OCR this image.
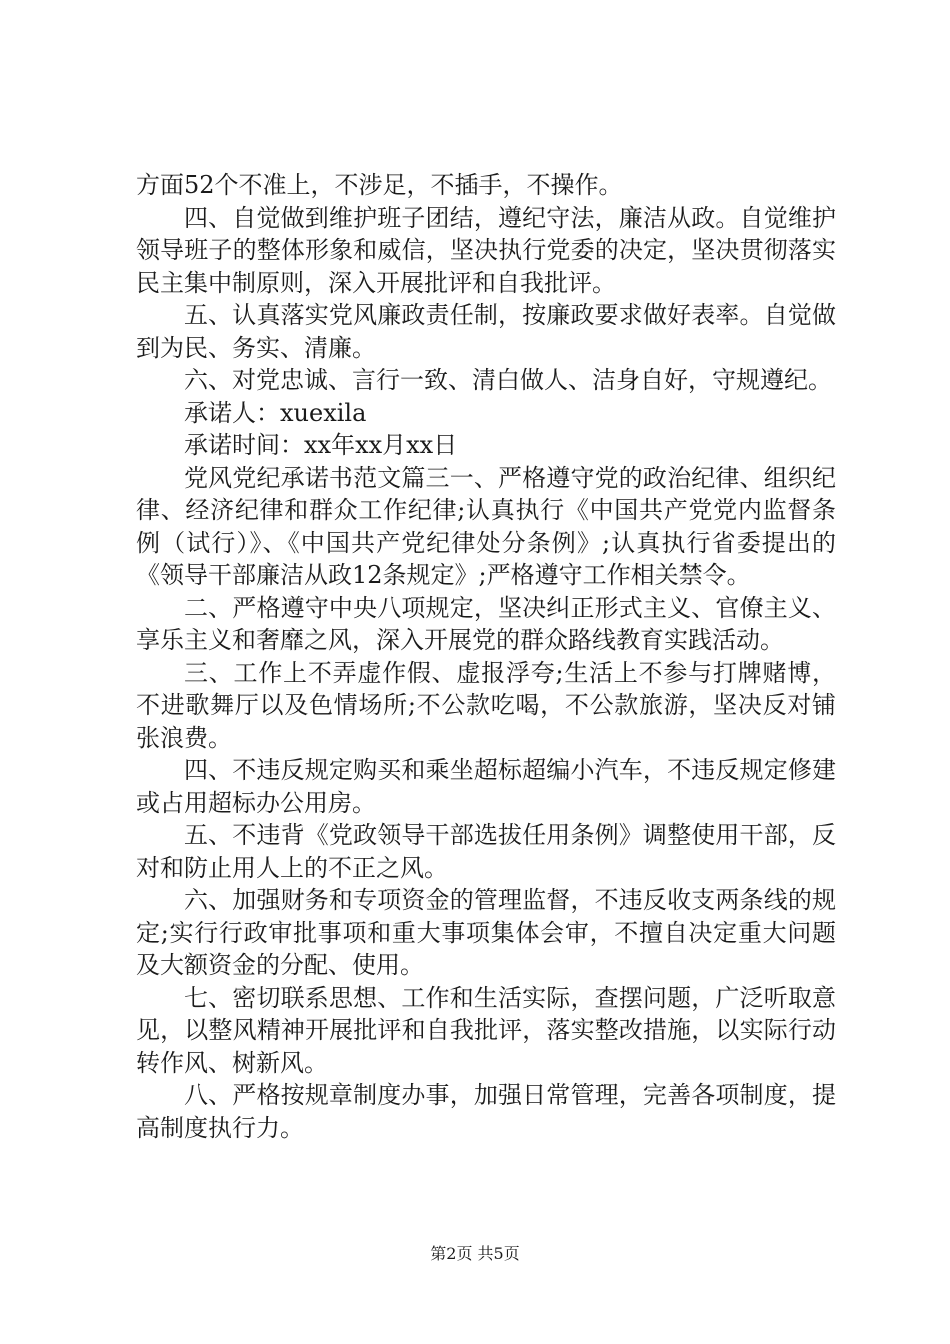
方面52个不准上，不涉足，不插手，不操作。

四、自觉做到维护班子团结，遵纪守法，廉洁从政。自觉维护领导班子的整体形象和威信，坚决执行党委的决定，坚决贯彻落实民主集中制原则，深入开展批评和自我批评。

五、认真落实党风廉政责任制，按廉政要求做好表率。自觉做到为民、务实、清廉。

六、对党忠诚、言行一致、清白做人、洁身自好，守规遵纪。

承诺人：xuexila

承诺时间：xx年xx月xx日

党风党纪承诺书范文篇三一、严格遵守党的政治纪律、组织纪律、经济纪律和群众工作纪律;认真执行《中国共产党党内监督条例（试行）》、《中国共产党纪律处分条例》;认真执行省委提出的《领导干部廉洁从政12条规定》;严格遵守工作相关禁令。

二、严格遵守中央八项规定，坚决纠正形式主义、官僚主义、享乐主义和奢靡之风，深入开展党的群众路线教育实践活动。

三、工作上不弄虚作假、虚报浮夸;生活上不参与打牌赌博，不进歌舞厅以及色情场所;不公款吃喝，不公款旅游，坚决反对铺张浪费。

四、不违反规定购买和乘坐超标超编小汽车，不违反规定修建或占用超标办公用房。

五、不违背《党政领导干部选拔任用条例》调整使用干部，反对和防止用人上的不正之风。

六、加强财务和专项资金的管理监督，不违反收支两条线的规定;实行行政审批事项和重大事项集体会审，不擅自决定重大问题及大额资金的分配、使用。

七、密切联系思想、工作和生活实际，查摆问题，广泛听取意见，以整风精神开展批评和自我批评，落实整改措施，以实际行动转作风、树新风。

八、严格按规章制度办事，加强日常管理，完善各项制度，提高制度执行力。

第2页 共5页
